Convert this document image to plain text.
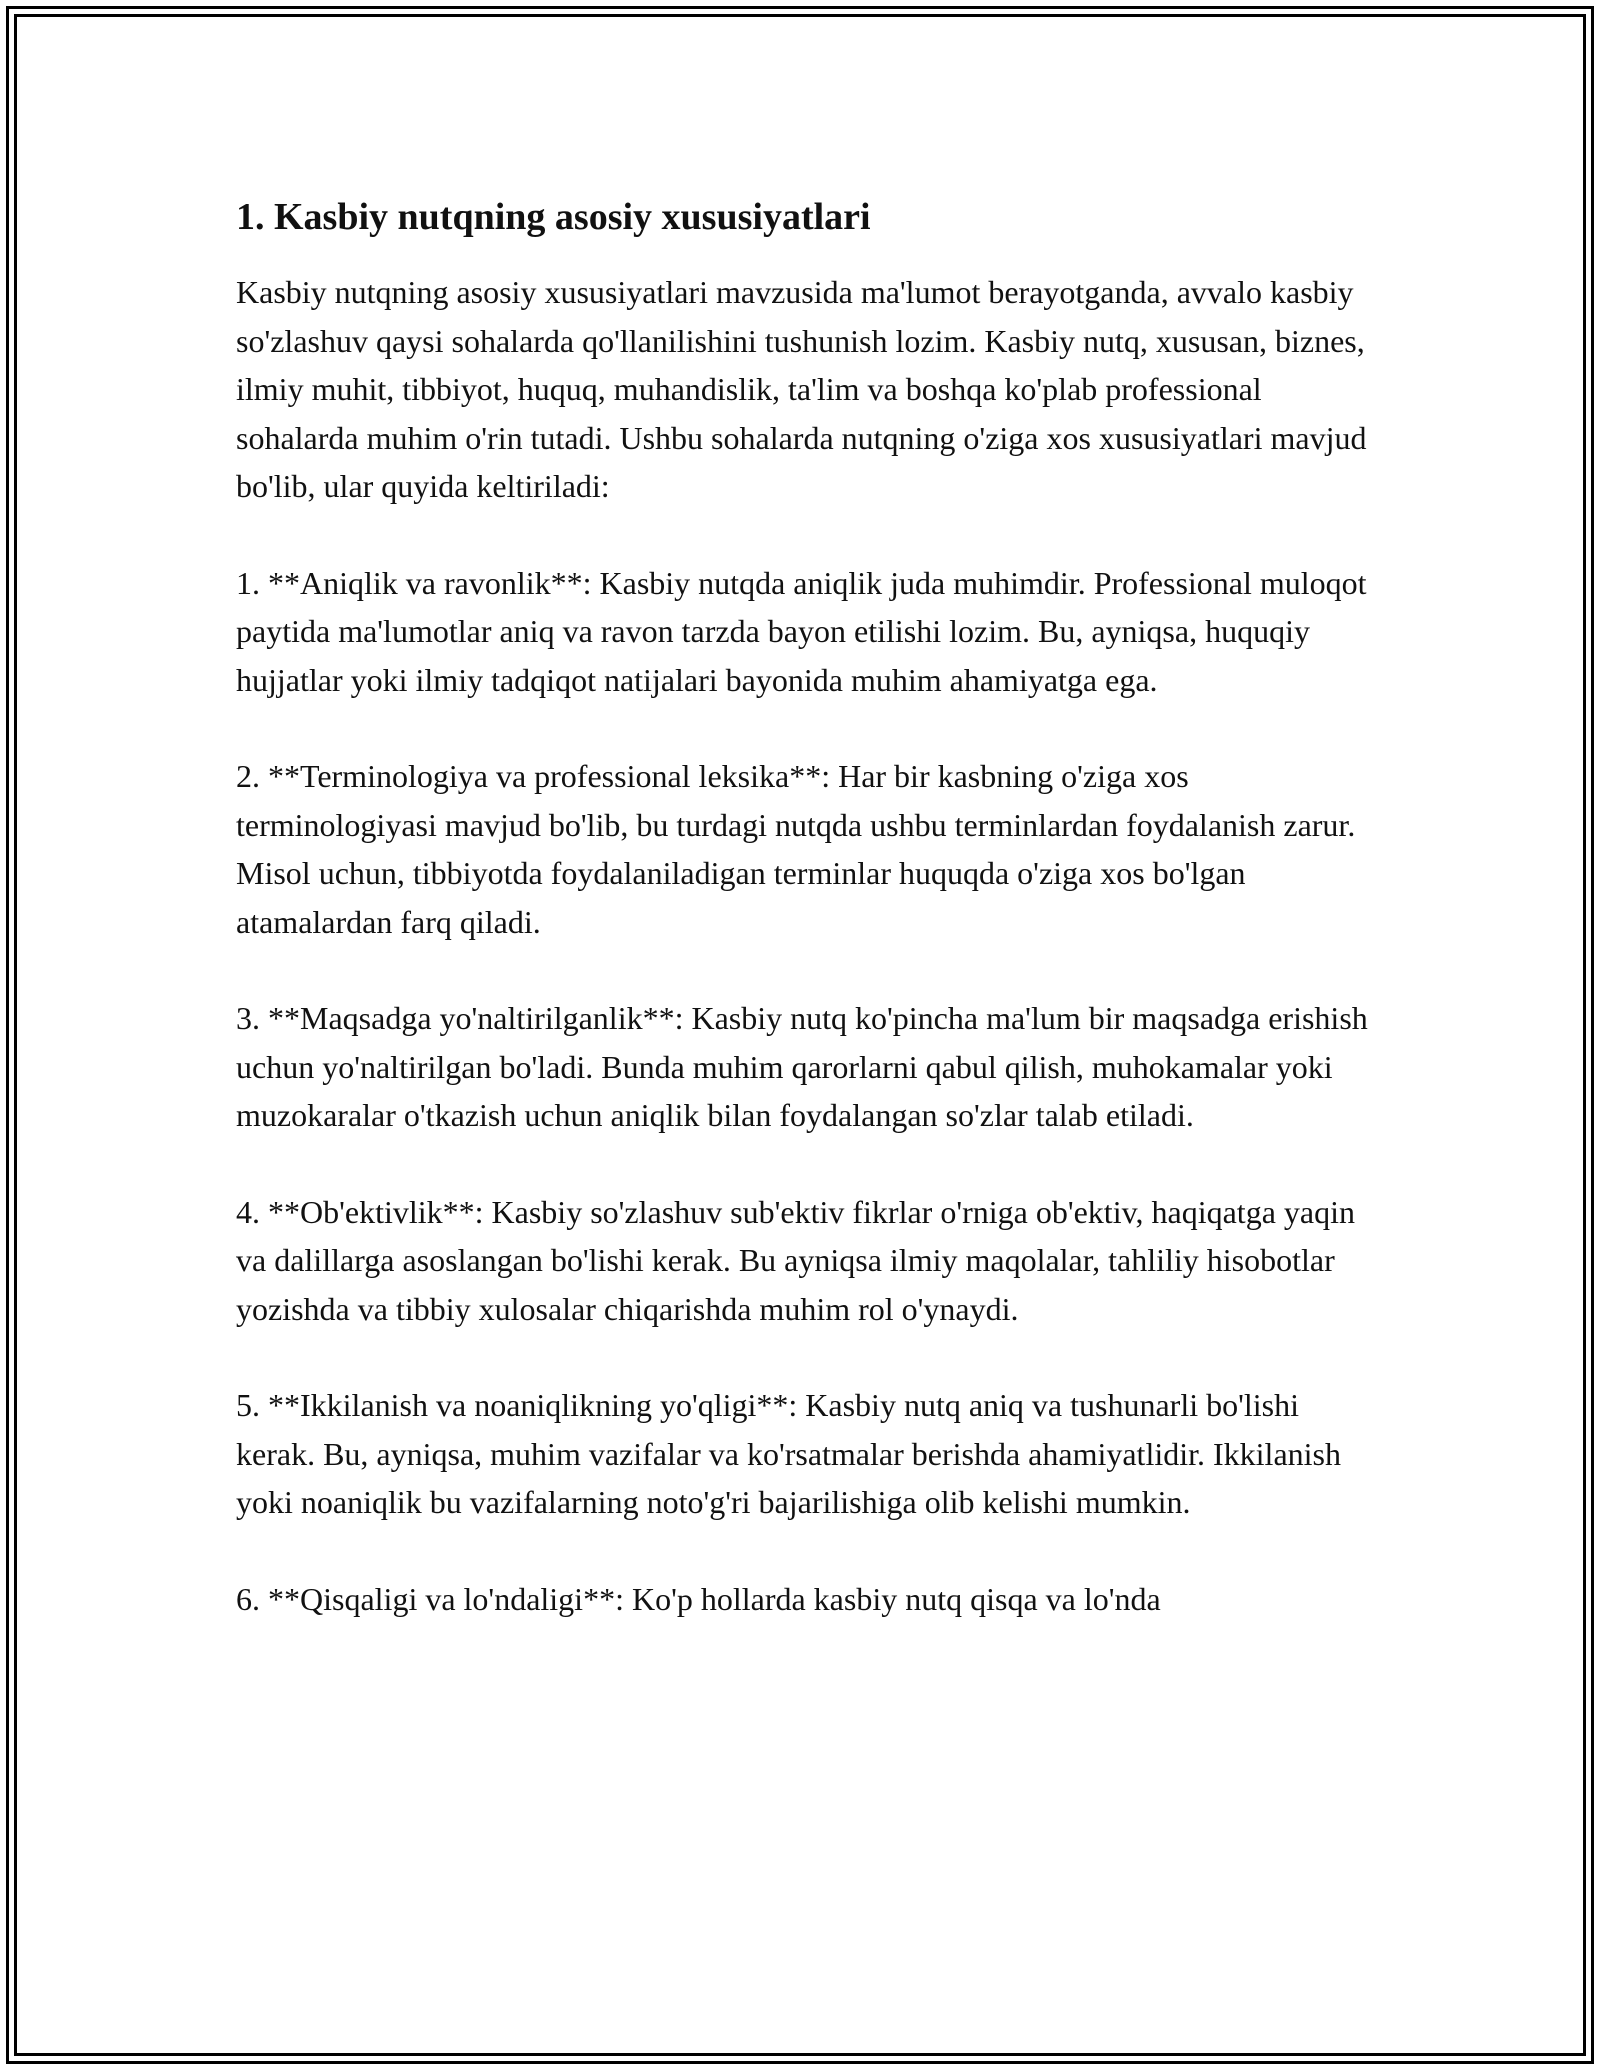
1. Kasbiy nutqning asosiy xususiyatlari

Kasbiy nutqning asosiy xususiyatlari mavzusida ma'lumot berayotganda, avvalo kasbiy so'zlashuv qaysi sohalarda qo'llanilishini tushunish lozim. Kasbiy nutq, xususan, biznes, ilmiy muhit, tibbiyot, huquq, muhandislik, ta'lim va boshqa ko'plab professional sohalarda muhim o'rin tutadi. Ushbu sohalarda nutqning o'ziga xos xususiyatlari mavjud bo'lib, ular quyida keltiriladi:

1. **Aniqlik va ravonlik**: Kasbiy nutqda aniqlik juda muhimdir. Professional muloqot paytida ma'lumotlar aniq va ravon tarzda bayon etilishi lozim. Bu, ayniqsa, huquqiy hujjatlar yoki ilmiy tadqiqot natijalari bayonida muhim ahamiyatga ega.

2. **Terminologiya va professional leksika**: Har bir kasbning o'ziga xos terminologiyasi mavjud bo'lib, bu turdagi nutqda ushbu terminlardan foydalanish zarur. Misol uchun, tibbiyotda foydalaniladigan terminlar huquqda o'ziga xos bo'lgan atamalardan farq qiladi.

3. **Maqsadga yo'naltirilganlik**: Kasbiy nutq ko'pincha ma'lum bir maqsadga erishish uchun yo'naltirilgan bo'ladi. Bunda muhim qarorlarni qabul qilish, muhokamalar yoki muzokaralar o'tkazish uchun aniqlik bilan foydalangan so'zlar talab etiladi.

4. **Ob'ektivlik**: Kasbiy so'zlashuv sub'ektiv fikrlar o'rniga ob'ektiv, haqiqatga yaqin va dalillarga asoslangan bo'lishi kerak. Bu ayniqsa ilmiy maqolalar, tahliliy hisobotlar yozishda va tibbiy xulosalar chiqarishda muhim rol o'ynaydi.

5. **Ikkilanish va noaniqlikning yo'qligi**: Kasbiy nutq aniq va tushunarli bo'lishi kerak. Bu, ayniqsa, muhim vazifalar va ko'rsatmalar berishda ahamiyatlidir. Ikkilanish yoki noaniqlik bu vazifalarning noto'g'ri bajarilishiga olib kelishi mumkin.

6. **Qisqaligi va lo'ndaligi**: Ko'p hollarda kasbiy nutq qisqa va lo'nda
